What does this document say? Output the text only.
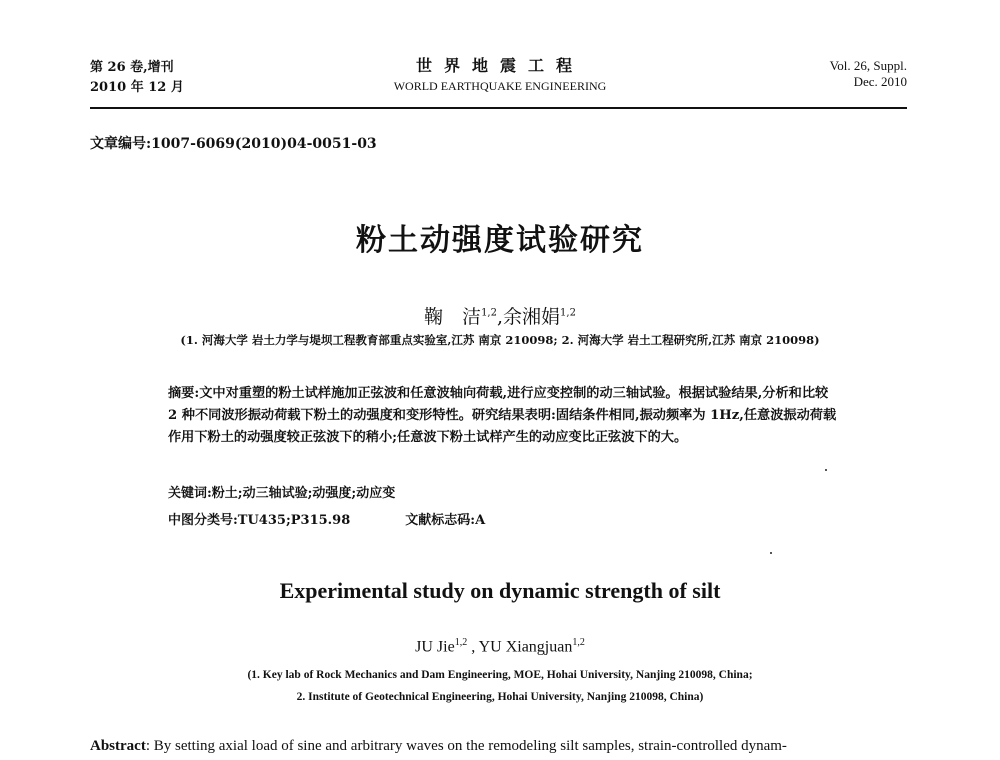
第 26 卷,增刊
2010 年 12 月
世界地震工程
WORLD EARTHQUAKE ENGINEERING
Vol. 26, Suppl.
Dec. 2010
文章编号:1007-6069(2010)04-0051-03
粉土动强度试验研究
鞠　洁$^{1,2}$,余湘娟$^{1,2}$
(1. 河海大学 岩土力学与堤坝工程教育部重点实验室,江苏 南京 210098; 2. 河海大学 岩土工程研究所,江苏 南京 210098)
摘要:文中对重塑的粉土试样施加正弦波和任意波轴向荷载,进行应变控制的动三轴试验。根据试验结果,分析和比较 2 种不同波形振动荷载下粉土的动强度和变形特性。研究结果表明:固结条件相同,振动频率为 1Hz,任意波振动荷载作用下粉土的动强度较正弦波下的稍小;任意波下粉土试样产生的动应变比正弦波下的大。
关键词:粉土;动三轴试验;动强度;动应变
中图分类号:TU435;P315.98	文献标志码:A
Experimental study on dynamic strength of silt
JU Jie$^{1,2}$ , YU Xiangjuan$^{1,2}$
(1. Key lab of Rock Mechanics and Dam Engineering, MOE, Hohai University, Nanjing 210098, China;
2. Institute of Geotechnical Engineering, Hohai University, Nanjing 210098, China)
Abstract: By setting axial load of sine and arbitrary waves on the remodeling silt samples, strain-controlled dynam-
